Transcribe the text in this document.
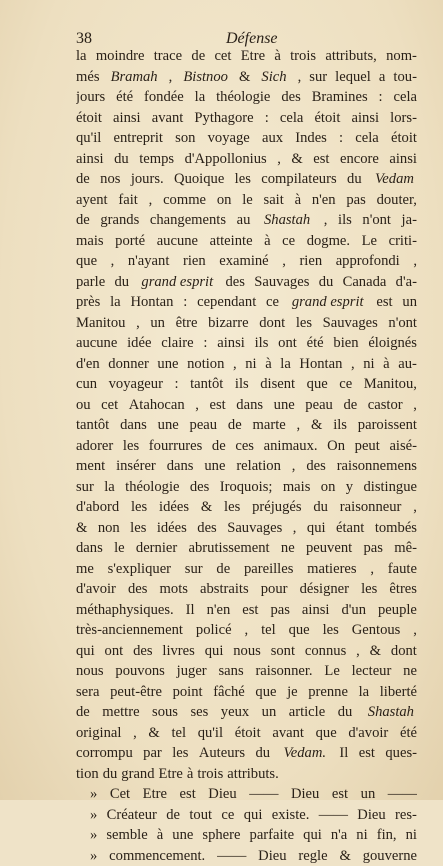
38	Défense
la moindre trace de cet Etre à trois attributs, nom-
més Bramah , Bistnoo & Sich , sur lequel a tou-
jours été fondée la théologie des Bramines : cela
étoit ainsi avant Pythagore : cela étoit ainsi lors-
qu'il entreprit son voyage aux Indes : cela étoit
ainsi du temps d'Appollonius , & est encore ainsi
de nos jours. Quoique les compilateurs du Vedam
ayent fait , comme on le sait à n'en pas douter,
de grands changements au Shastah , ils n'ont ja-
mais porté aucune atteinte à ce dogme. Le criti-
que , n'ayant rien examiné , rien approfondi ,
parle du grand esprit des Sauvages du Canada d'a-
près la Hontan : cependant ce grand esprit est un
Manitou , un être bizarre dont les Sauvages n'ont
aucune idée claire : ainsi ils ont été bien éloignés
d'en donner une notion , ni à la Hontan , ni à au-
cun voyageur : tantôt ils disent que ce Manitou,
ou cet Atahocan , est dans une peau de castor ,
tantôt dans une peau de marte , & ils paroissent
adorer les fourrures de ces animaux. On peut aisé-
ment insérer dans une relation , des raisonnemens
sur la théologie des Iroquois; mais on y distingue
d'abord les idées & les préjugés du raisonneur ,
& non les idées des Sauvages , qui étant tombés
dans le dernier abrutissement ne peuvent pas mê-
me s'expliquer sur de pareilles matieres , faute
d'avoir des mots abstraits pour désigner les êtres
méthaphysiques. Il n'en est pas ainsi d'un peuple
très-anciennement policé , tel que les Gentous ,
qui ont des livres qui nous sont connus , & dont
nous pouvons juger sans raisonner. Le lecteur ne
sera peut-être point fâché que je prenne la liberté
de mettre sous ses yeux un article du Shastah
original , & tel qu'il étoit avant que d'avoir été
corrompu par les Auteurs du Vedam. Il est ques-
tion du grand Etre à trois attributs.
» Cet Etre est Dieu —— Dieu est un ——
» Créateur de tout ce qui existe. —— Dieu res-
» semble à une sphere parfaite qui n'a ni fin, ni
» commencement. —— Dieu regle & gouverne
